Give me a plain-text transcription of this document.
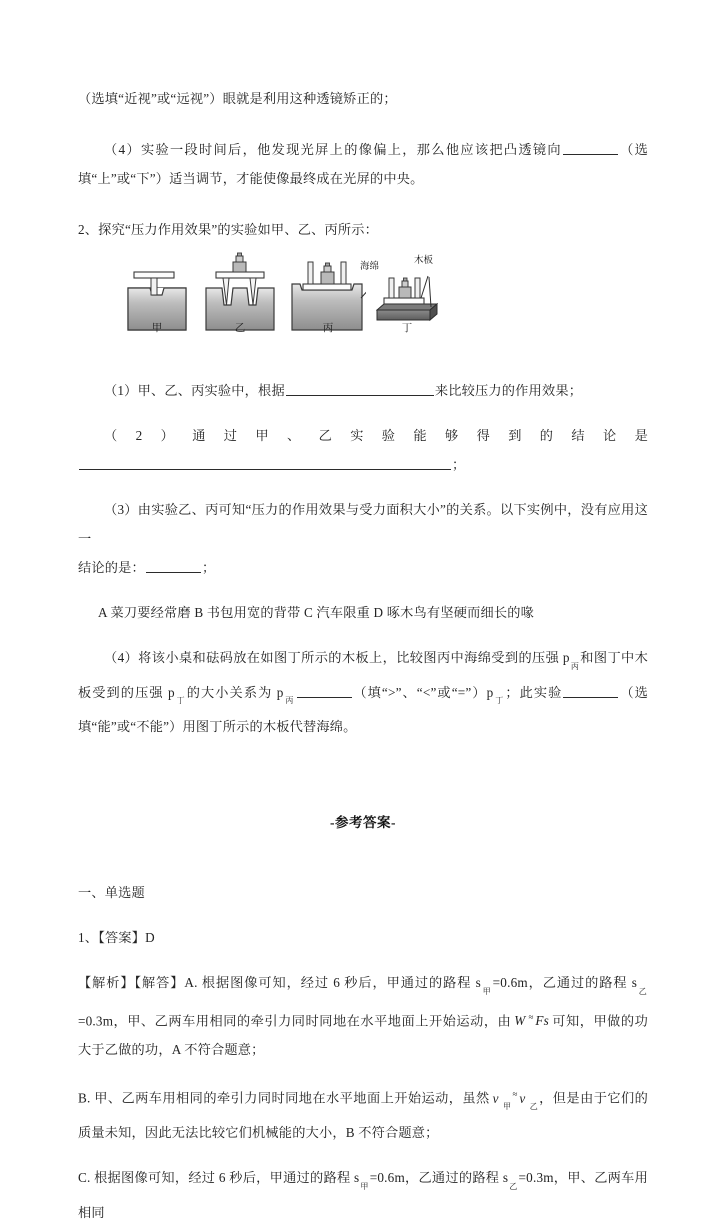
（选填“近视”或“远视”）眼就是利用这种透镜矫正的；

（4）实验一段时间后，他发现光屏上的像偏上，那么他应该把凸透镜向	（选填“上”或“下”）适当调节，才能使像最终成在光屏的中央。

2、探究“压力作用效果”的实验如甲、乙、丙所示：

甲	乙	丙
海绵
丁
木板

（1）甲、乙、丙实验中，根据	来比较压力的作用效果；

（2）通过甲、乙实验能够得到的结论是；

（3）由实验乙、丙可知“压力的作用效果与受力面积大小”的关系。以下实例中，没有应用这一

结论的是：	；

A 菜刀要经常磨 B 书包用宽的背带 C 汽车限重 D 啄木鸟有坚硬而细长的喙

（4）将该小桌和砝码放在如图丁所示的木板上，比较图丙中海绵受到的压强 $p_丙$和图丁中木板受到的压强 $p_丁$的大小关系为 $p_丙$（填“>”、“<”或“$=”)p_丁$；此实验	（选填“能”或“不能”）用图丁所示的木板代替海绵。

-参考答案-

一、单选题

1、【答案】D

【解析】【解答】A. 根据图像可知，经过 6 秒后，甲通过的路程 $s_甲=0.6m$，乙通过的路程 $s_乙=0.3m$，甲、乙两车用相同的牵引力同时同地在水平地面上开始运动，由 W ≈ Fs 可知，甲做的功大于乙做的功，A 不符合题意；

B. 甲、乙两车用相同的牵引力同时同地在水平地面上开始运动，虽然 $v_甲^\approx$ $v_乙$，但是由于它们的质量未知，因此无法比较它们机械能的大小，B 不符合题意；

C. 根据图像可知，经过 6 秒后，甲通过的路程 $s_甲=0.6m$，乙通过的路程 $s_乙=0.3m$，甲、乙两车用相同
